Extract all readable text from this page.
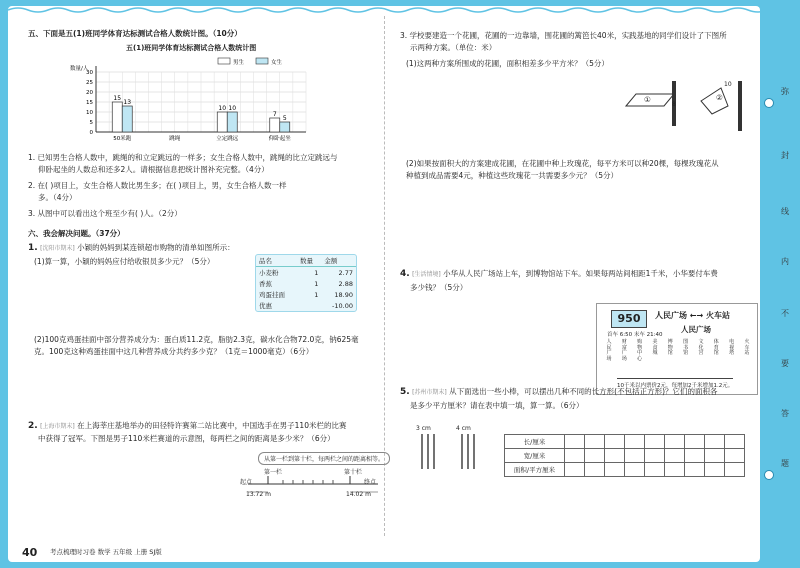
五、下面是五(1)班同学体育达标测试合格人数统计图。（10分）
五(1)班同学体育达标测试合格人数统计图
0
5
10
15
20
25
30
数量/人
男生	女生
15
13
50米跑	跳绳
10 10
立定跳远
7
5
仰卧起坐
1. 已知男生合格人数中，跳绳的和立定跳远的一样多；女生合格人数中，跳绳的比立定跳远与
仰卧起坐的人数总和还多2人。请根据信息把统计图补充完整。（4分）
2. 在( )项目上，女生合格人数比男生多；在( )项目上，男，女生合格人数一样
多。（4分）
3. 从图中可以看出这个班至少有( )人。（2分）
六、我会解决问题。（37分）
1. [沈阳市期末] 小颖的妈妈到某连锁超市购物的清单如图所示：
(1)算一算，小颖的妈妈应付给收银员多少元？（5分）	品名	数量	金额
小麦粉	1	2.77
香蕉	1	2.88
鸡蛋挂面	1	18.90
优惠		-10.00
(2)100克鸡蛋挂面中部分营养成分为：蛋白质11.2克，脂肪2.3克，碳水化合物72.0克，钠625毫
克。100克这种鸡蛋挂面中这几种营养成分共约多少克？（1克＝1000毫克）（6分）
2. [上海市期末] 在上海莘庄基地举办的田径特许赛第二站比赛中，中国选手在男子110米栏的比赛
中获得了冠军。下图是男子110米栏赛道的示意图，每两栏之间的距离是多少米？（6分）
从第一栏到第十栏，每两栏之间的距离相等。
第一栏	第十栏
起点	终点
13.72 m	14.02 m
40 考点梳理时习卷 数学 五年级 上册 SJ版
3. 学校要建造一个花圃，花圃的一边靠墙，围花圃的篱笆长40米，实践基地的同学们设计了下图所
示两种方案。（单位：米）
(1)这两种方案所围成的花圃，面积相差多少平方米？（5分）
①
8
②
10
(2)如果按面积大的方案建成花圃，在花圃中种上玫瑰花，每平方米可以种20棵，每棵玫瑰花从
种植到成品需要4元，种植这些玫瑰花一共需要多少元？（5分）
4. [生活情境] 小华从人民广场站上车，到博物馆站下车。如果每两站间相距1千米，小华要付车费
多少钱？（5分）
950	人民广场 ←→ 火车站
人民广场
首车 6:50 末车 21:40
人民广场
财富广场
购物中心
美食城
博物馆
图书馆
文化宫
体育馆
电视塔
火车站
10千米以内票价2元，每增加2千米增加1.2元。
5. [苏州市期末] 从下面选出一些小棒，可以摆出几种不同的长方形(不包括正方形)？它们的面积各
是多少平方厘米？请在表中填一填，算一算。（6分）
3 cm	4 cm
长/厘米									
宽/厘米									
面积/平方厘米									
弥
封
线
内
不
要
答
题
